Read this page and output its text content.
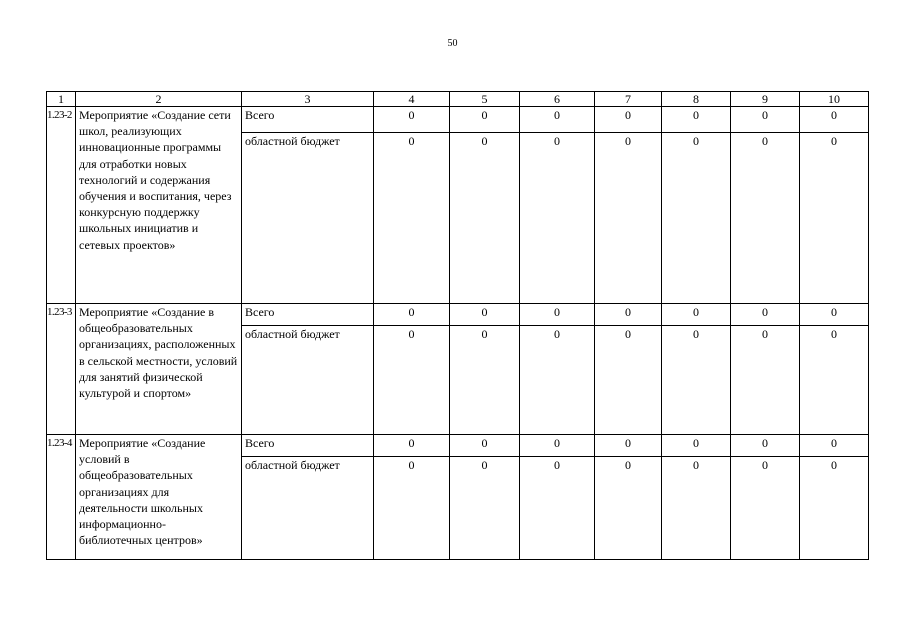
50
1	2	3	4	5	6	7	8	9	10
1.23-2	Мероприятие «Создание сети школ, реализующих инновационные программы для отработки новых технологий и содержания обучения и воспитания, через конкурсную поддержку школьных инициатив и сетевых проектов»	Всего	0	0	0	0	0	0	0
		областной бюджет	0	0	0	0	0	0	0
1.23-3	Мероприятие «Создание в общеобразовательных организациях, расположенных в сельской местности, условий для занятий физической культурой и спортом»	Всего	0	0	0	0	0	0	0
		областной бюджет	0	0	0	0	0	0	0
1.23-4	Мероприятие «Создание условий в общеобразовательных организациях для деятельности школьных информационно-библиотечных центров»	Всего	0	0	0	0	0	0	0
		областной бюджет	0	0	0	0	0	0	0
